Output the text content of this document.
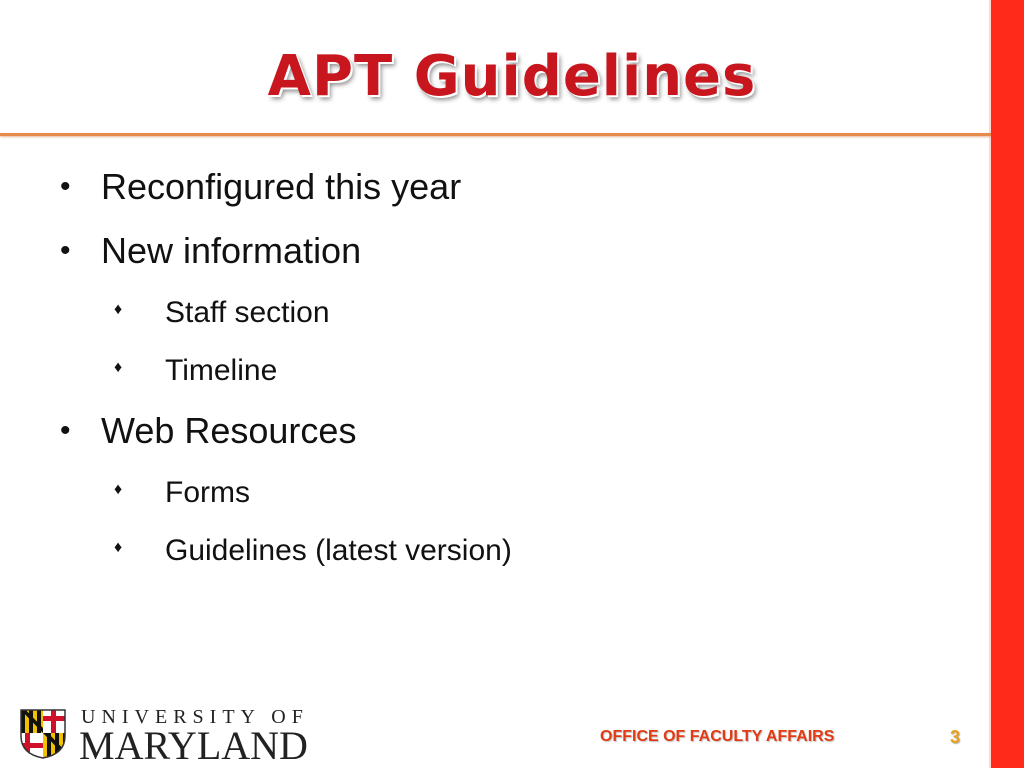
APT Guidelines
• Reconfigured this year
• New information
♦ Staff section
♦ Timeline
• Web Resources
♦ Forms
♦ Guidelines (latest version)
UNIVERSITY OF
MARYLAND	OFFICE OF FACULTY AFFAIRS	3
